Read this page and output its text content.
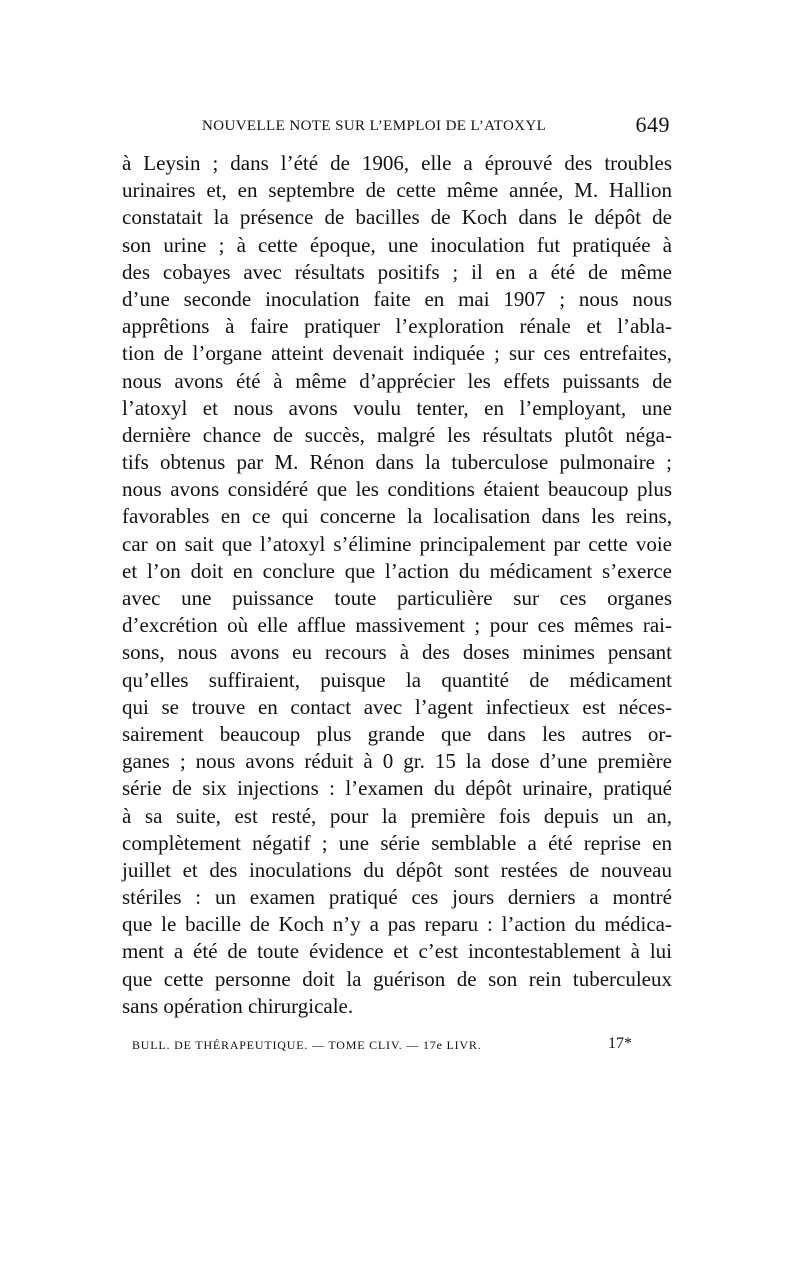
NOUVELLE NOTE SUR L’EMPLOI DE L’ATOXYL	649
à Leysin ; dans l’été de 1906, elle a éprouvé des troubles
urinaires et, en septembre de cette même année, M. Hallion
constatait la présence de bacilles de Koch dans le dépôt de
son urine ; à cette époque, une inoculation fut pratiquée à
des cobayes avec résultats positifs ; il en a été de même
d’une seconde inoculation faite en mai 1907 ; nous nous
apprêtions à faire pratiquer l’exploration rénale et l’abla-
tion de l’organe atteint devenait indiquée ; sur ces entrefaites,
nous avons été à même d’apprécier les effets puissants de
l’atoxyl et nous avons voulu tenter, en l’employant, une
dernière chance de succès, malgré les résultats plutôt néga-
tifs obtenus par M. Rénon dans la tuberculose pulmonaire ;
nous avons considéré que les conditions étaient beaucoup plus
favorables en ce qui concerne la localisation dans les reins,
car on sait que l’atoxyl s’élimine principalement par cette voie
et l’on doit en conclure que l’action du médicament s’exerce
avec une puissance toute particulière sur ces organes
d’excrétion où elle afflue massivement ; pour ces mêmes rai-
sons, nous avons eu recours à des doses minimes pensant
qu’elles suffiraient, puisque la quantité de médicament
qui se trouve en contact avec l’agent infectieux est néces-
sairement beaucoup plus grande que dans les autres or-
ganes ; nous avons réduit à 0 gr. 15 la dose d’une première
série de six injections : l’examen du dépôt urinaire, pratiqué
à sa suite, est resté, pour la première fois depuis un an,
complètement négatif ; une série semblable a été reprise en
juillet et des inoculations du dépôt sont restées de nouveau
stériles : un examen pratiqué ces jours derniers a montré
que le bacille de Koch n’y a pas reparu : l’action du médica-
ment a été de toute évidence et c’est incontestablement à lui
que cette personne doit la guérison de son rein tuberculeux
sans opération chirurgicale.
BULL. DE THÉRAPEUTIQUE. — TOME CLIV. — 17e LIVR.	17*
